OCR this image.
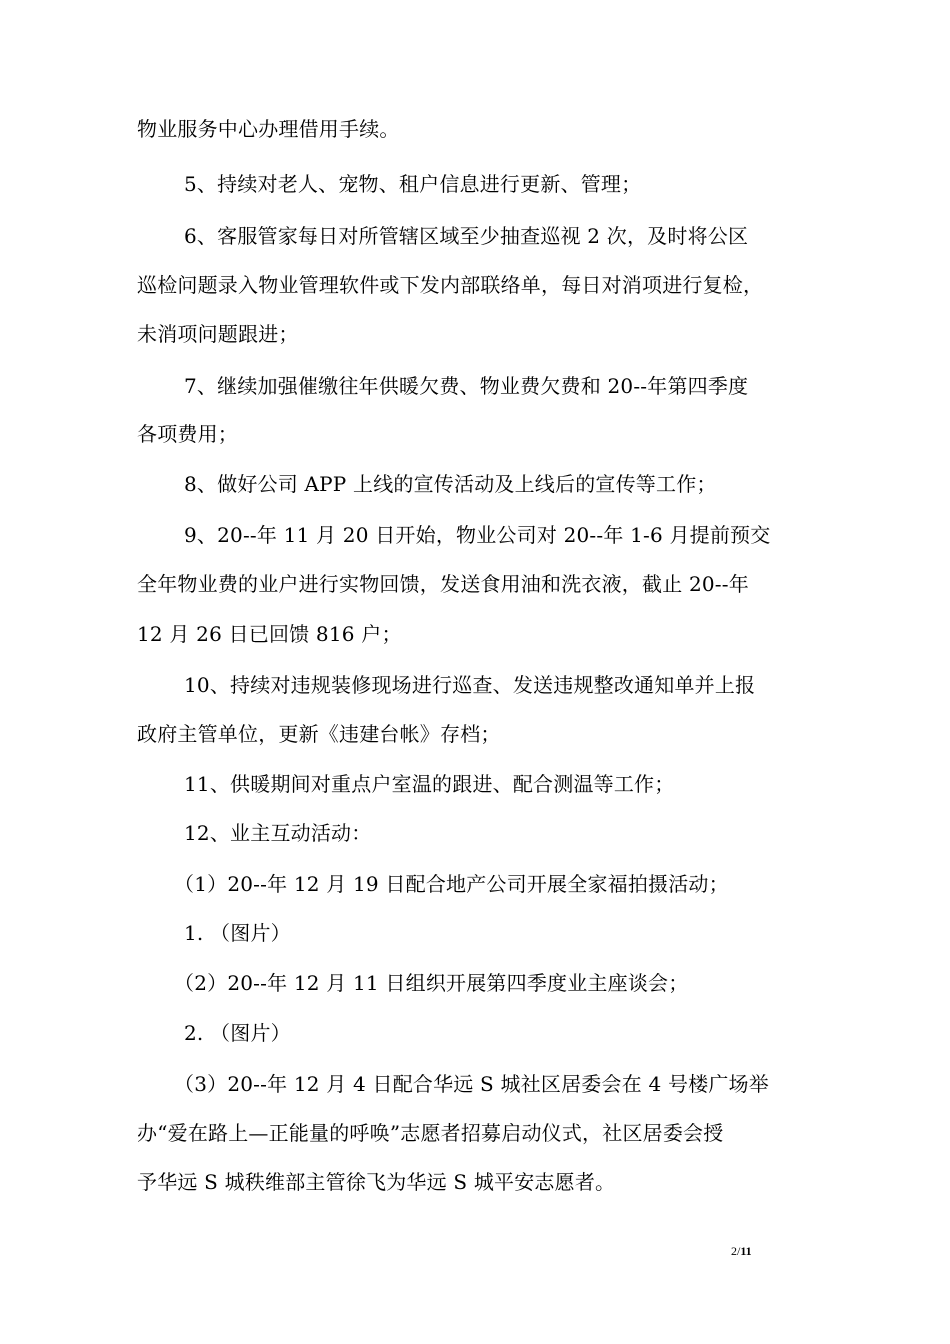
物业服务中心办理借用手续。
5、持续对老人、宠物、租户信息进行更新、管理；
6、客服管家每日对所管辖区域至少抽查巡视 2 次，及时将公区
巡检问题录入物业管理软件或下发内部联络单，每日对消项进行复检，
未消项问题跟进；
7、继续加强催缴往年供暖欠费、物业费欠费和 20--年第四季度
各项费用；
8、做好公司 APP 上线的宣传活动及上线后的宣传等工作；
9、20--年 11 月 20 日开始，物业公司对 20--年 1-6 月提前预交
全年物业费的业户进行实物回馈，发送食用油和洗衣液，截止 20--年
12 月 26 日已回馈 816 户；
10、持续对违规装修现场进行巡查、发送违规整改通知单并上报
政府主管单位，更新《违建台帐》存档；
11、供暖期间对重点户室温的跟进、配合测温等工作；
12、业主互动活动：
（1）20--年 12 月 19 日配合地产公司开展全家福拍摄活动；
1. （图片）
（2）20--年 12 月 11 日组织开展第四季度业主座谈会；
2. （图片）
（3）20--年 12 月 4 日配合华远 S 城社区居委会在 4 号楼广场举
办“爱在路上—正能量的呼唤”志愿者招募启动仪式，社区居委会授
予华远 S 城秩维部主管徐飞为华远 S 城平安志愿者。
2/11
